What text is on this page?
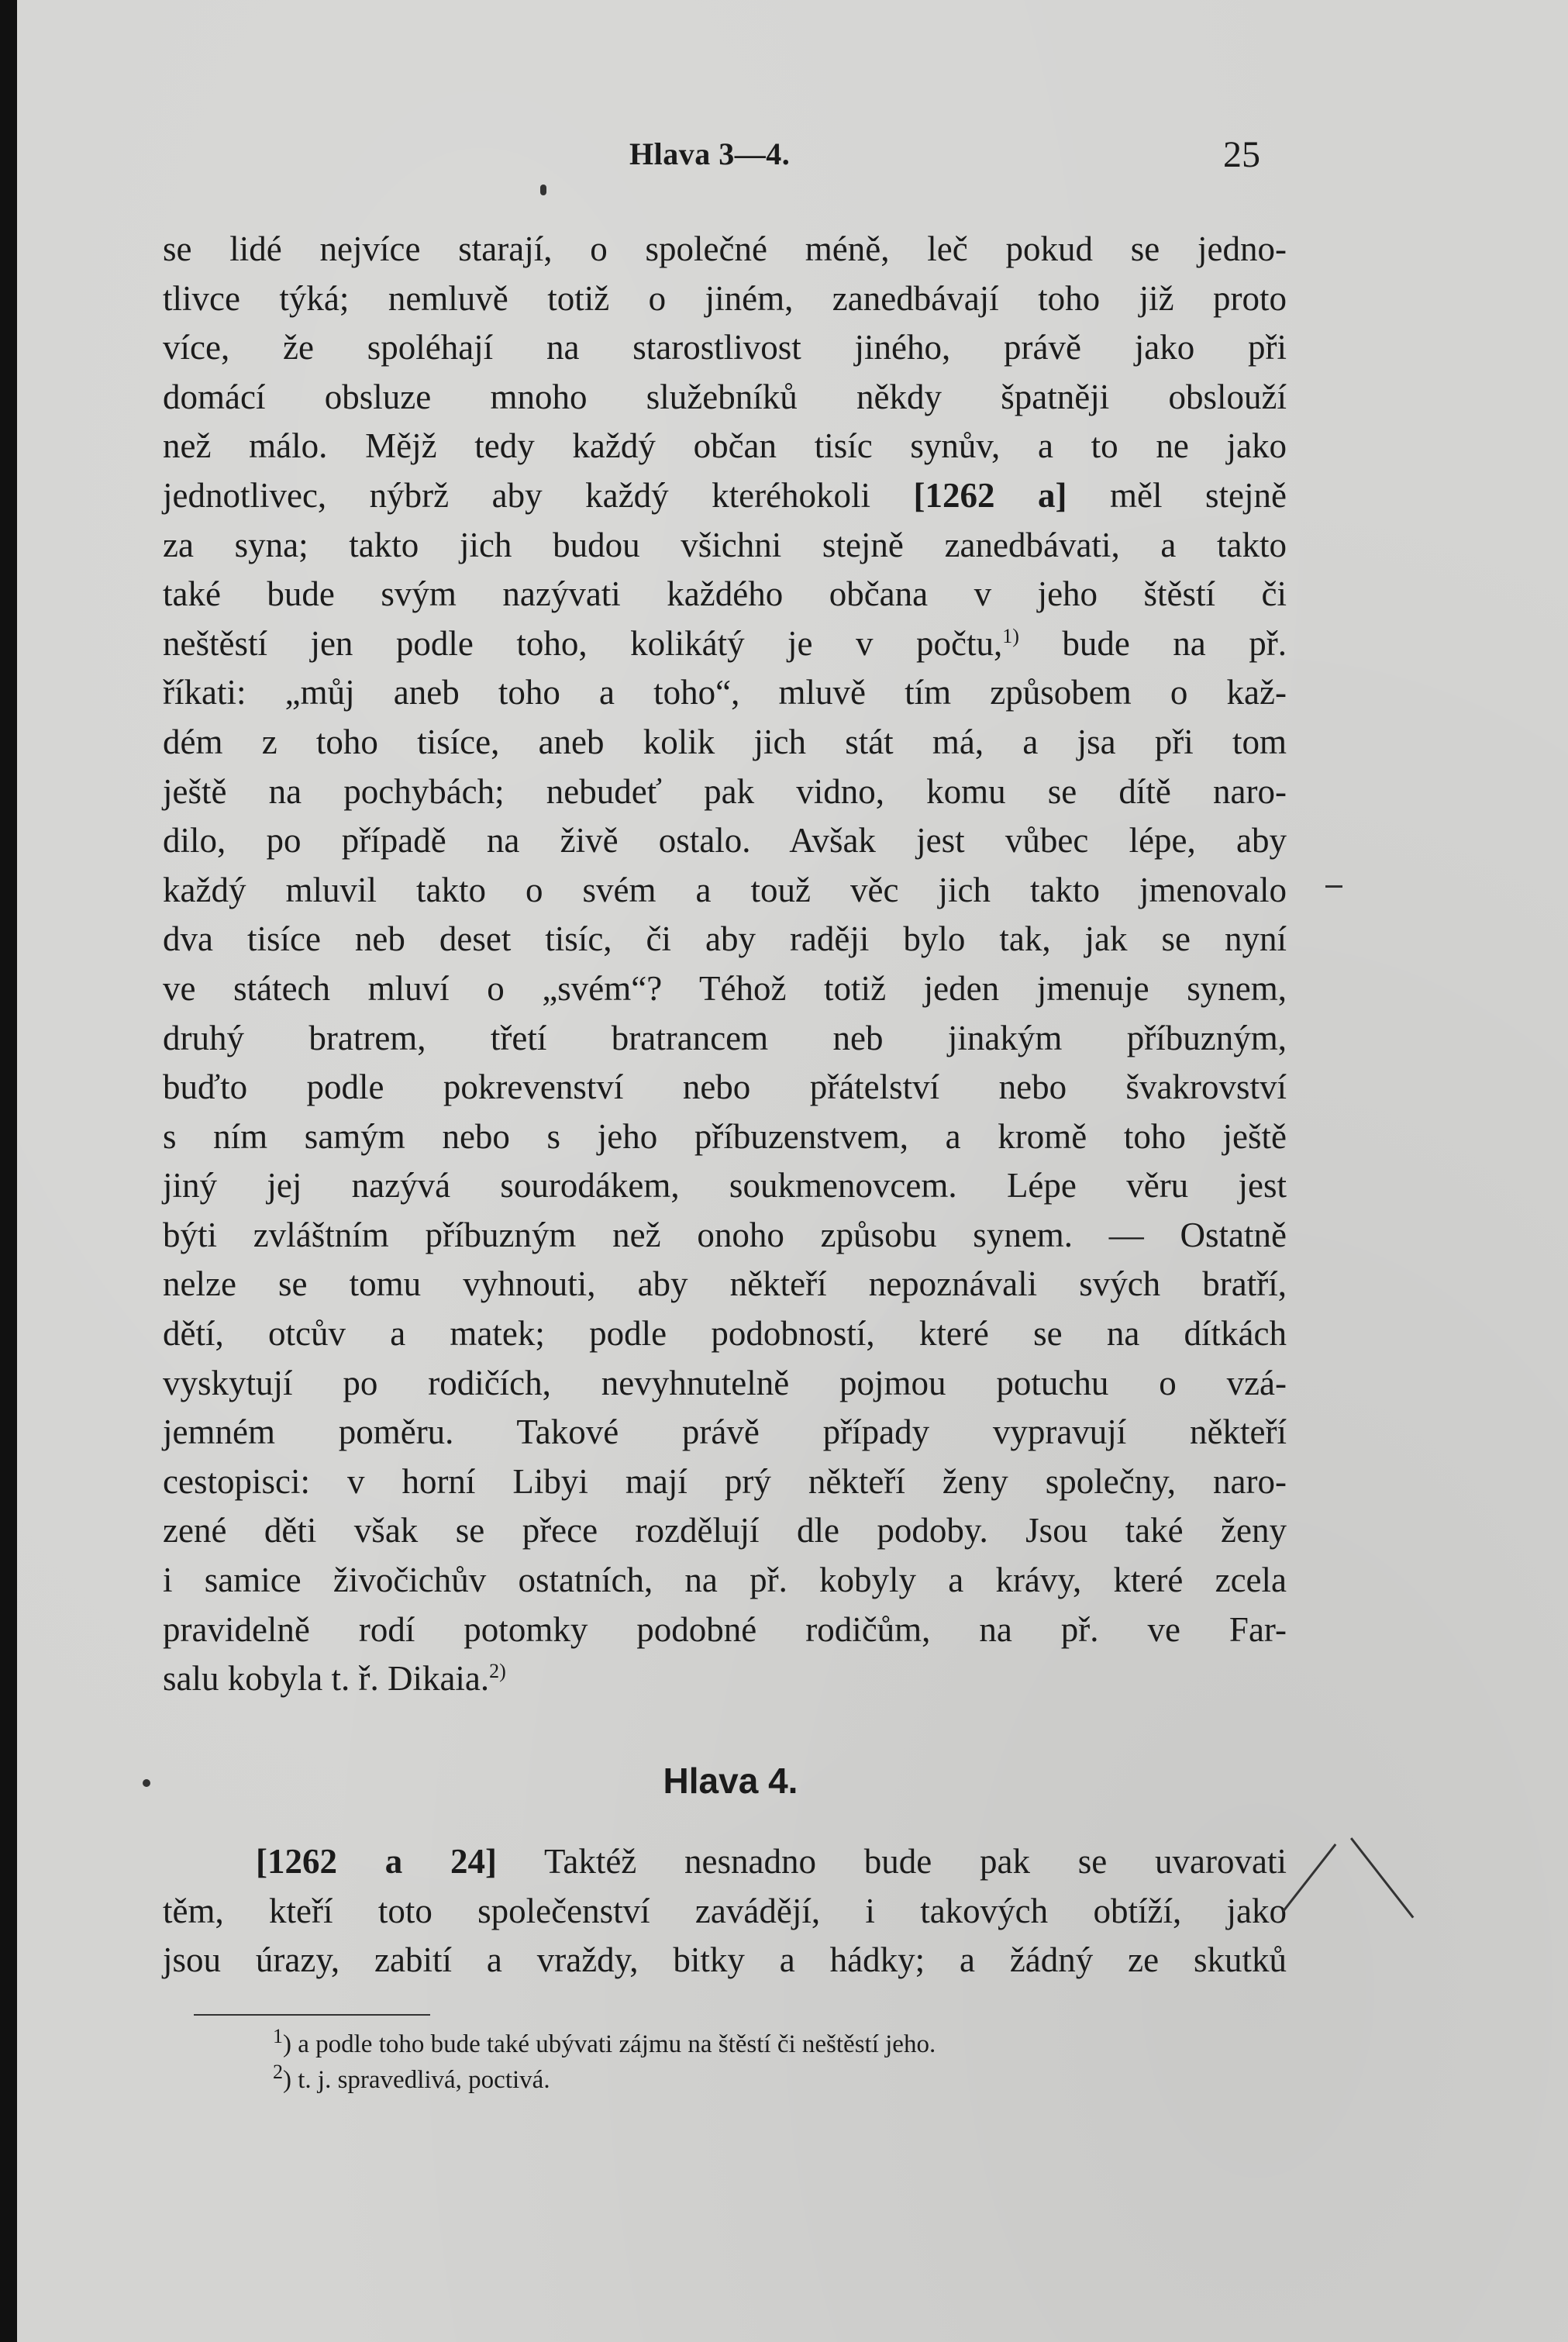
Hlava 3—4.	25
se lidé nejvíce starají, o společné méně, leč pokud se jedno-
tlivce týká; nemluvě totiž o jiném, zanedbávají toho již proto
více, že spoléhají na starostlivost jiného, právě jako při
domácí obsluze mnoho služebníků někdy špatněji obslouží
než málo. Mějž tedy každý občan tisíc synův, a to ne jako
jednotlivec, nýbrž aby každý kteréhokoli [1262 a] měl stejně
za syna; takto jich budou všichni stejně zanedbávati, a takto
také bude svým nazývati každého občana v jeho štěstí či
neštěstí jen podle toho, kolikátý je v počtu,$^{1)}$ bude na př.
říkati: „můj aneb toho a toho“, mluvě tím způsobem o kaž-
dém z toho tisíce, aneb kolik jich stát má, a jsa při tom
ještě na pochybách; nebudeť pak vidno, komu se dítě naro-
dilo, po případě na živě ostalo. Avšak jest vůbec lépe, aby
každý mluvil takto o svém a touž věc jich takto jmenovalo
dva tisíce neb deset tisíc, či aby raději bylo tak, jak se nyní
ve státech mluví o „svém“? Téhož totiž jeden jmenuje synem,
druhý bratrem, třetí bratrancem neb jinakým příbuzným,
buďto podle pokrevenství nebo přátelství nebo švakrovství
s ním samým nebo s jeho příbuzenstvem, a kromě toho ještě
jiný jej nazývá sourodákem, soukmenovcem. Lépe věru jest
býti zvláštním příbuzným než onoho způsobu synem. — Ostatně
nelze se tomu vyhnouti, aby někteří nepoznávali svých bratří,
dětí, otcův a matek; podle podobností, které se na dítkách
vyskytují po rodičích, nevyhnutelně pojmou potuchu o vzá-
jemném poměru. Takové právě případy vypravují někteří
cestopisci: v horní Libyi mají prý někteří ženy společny, naro-
zené děti však se přece rozdělují dle podoby. Jsou také ženy
i samice živočichův ostatních, na př. kobyly a krávy, které zcela
pravidelně rodí potomky podobné rodičům, na př. ve Far-
salu kobyla t. ř. Dikaia.$^{2)}$
Hlava 4.
[1262 a 24] Taktéž nesnadno bude pak se uvarovati
těm, kteří toto společenství zavádějí, i takových obtíží, jako
jsou úrazy, zabití a vraždy, bitky a hádky; a žádný ze skutků
$^1$) a podle toho bude také ubývati zájmu na štěstí či neštěstí jeho.
$^2$) t. j. spravedlivá, poctivá.
